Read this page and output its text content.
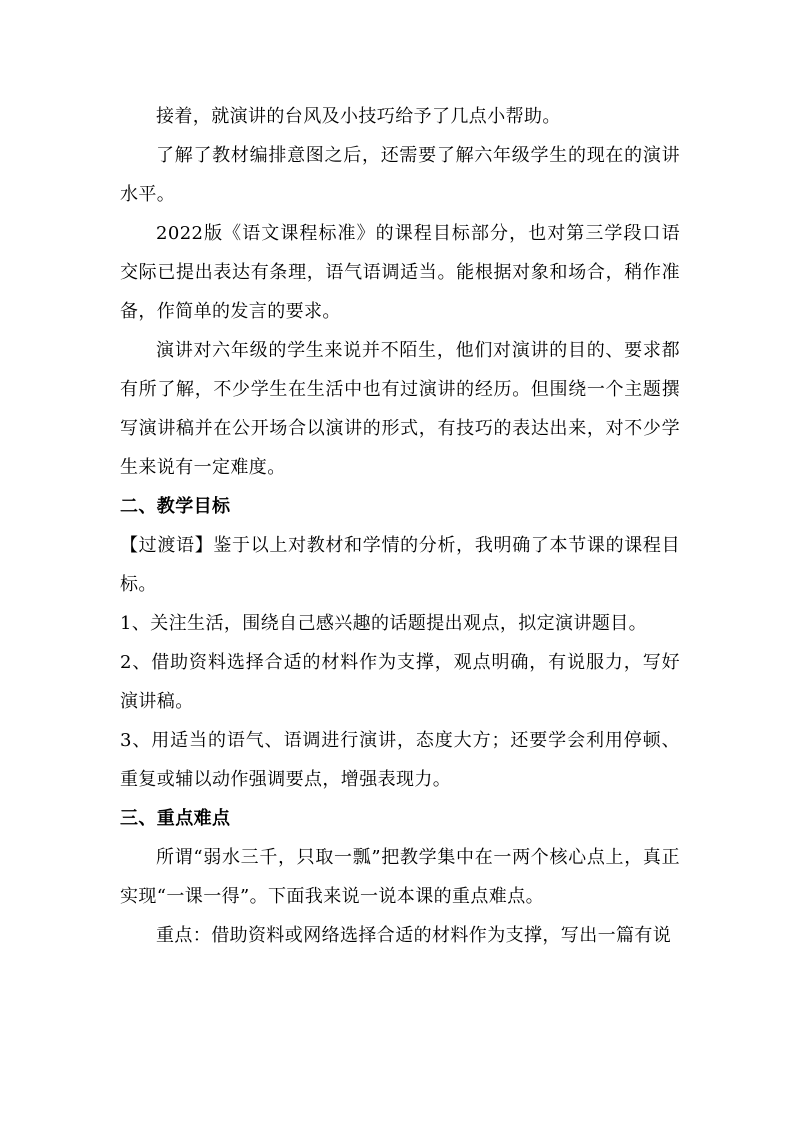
接着，就演讲的台风及小技巧给予了几点小帮助。

了解了教材编排意图之后，还需要了解六年级学生的现在的演讲水平。

2022版《语文课程标准》的课程目标部分，也对第三学段口语交际已提出表达有条理，语气语调适当。能根据对象和场合，稍作准备，作简单的发言的要求。

演讲对六年级的学生来说并不陌生，他们对演讲的目的、要求都有所了解，不少学生在生活中也有过演讲的经历。但围绕一个主题撰写演讲稿并在公开场合以演讲的形式，有技巧的表达出来，对不少学生来说有一定难度。

二、教学目标

【过渡语】鉴于以上对教材和学情的分析，我明确了本节课的课程目标。

1、关注生活，围绕自己感兴趣的话题提出观点，拟定演讲题目。

2、借助资料选择合适的材料作为支撑，观点明确，有说服力，写好演讲稿。

3、用适当的语气、语调进行演讲，态度大方；还要学会利用停顿、重复或辅以动作强调要点，增强表现力。

三、重点难点

所谓“弱水三千，只取一瓢”把教学集中在一两个核心点上，真正实现“一课一得”。下面我来说一说本课的重点难点。

重点：借助资料或网络选择合适的材料作为支撑，写出一篇有说
